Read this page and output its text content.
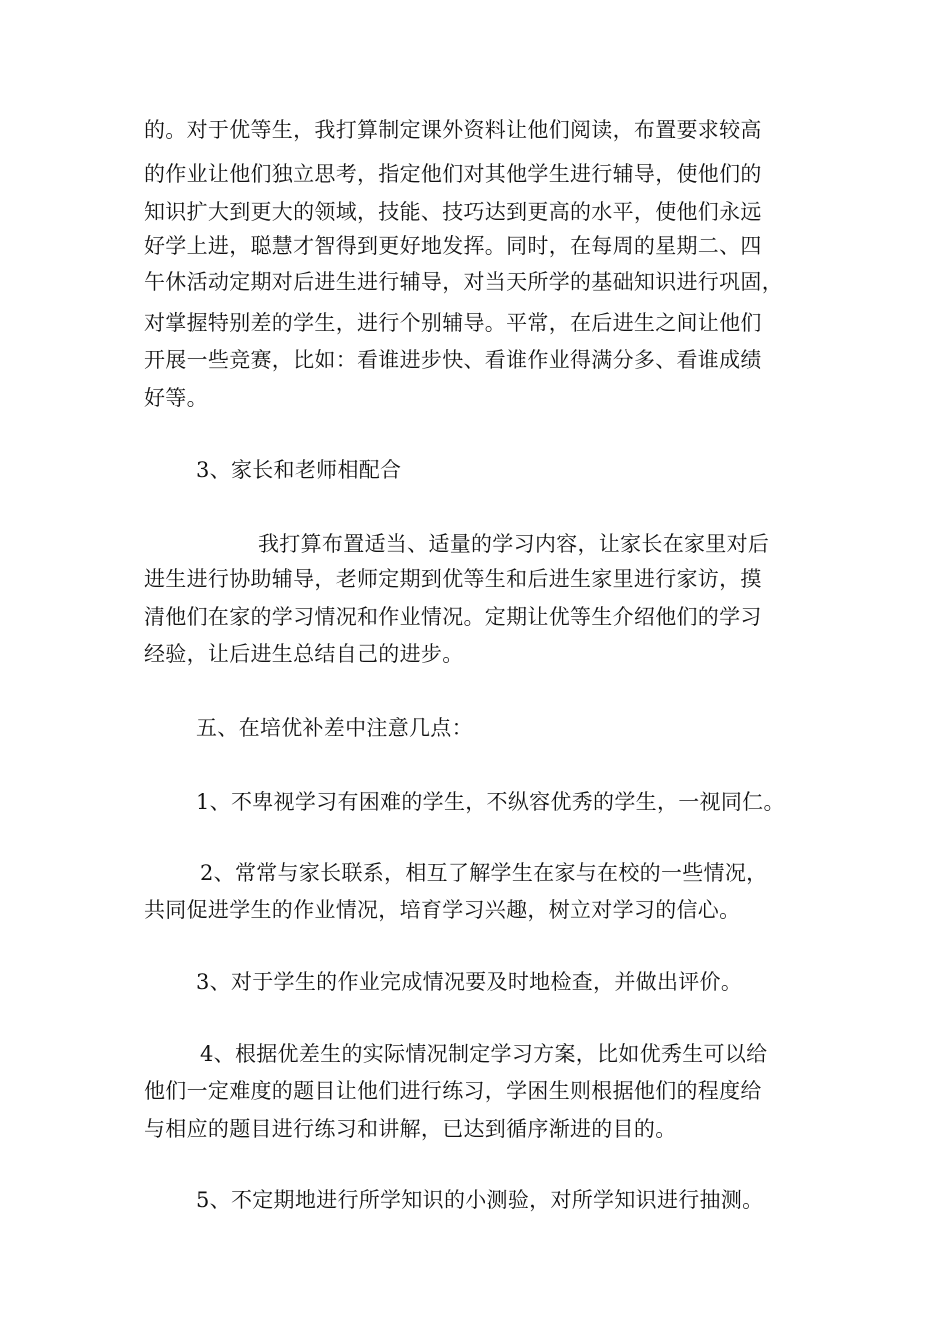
的。对于优等生，我打算制定课外资料让他们阅读，布置要求较高
的作业让他们独立思考，指定他们对其他学生进行辅导，使他们的
知识扩大到更大的领域，技能、技巧达到更高的水平，使他们永远
好学上进，聪慧才智得到更好地发挥。同时，在每周的星期二、四
午休活动定期对后进生进行辅导，对当天所学的基础知识进行巩固，
对掌握特别差的学生，进行个别辅导。平常，在后进生之间让他们
开展一些竞赛，比如：看谁进步快、看谁作业得满分多、看谁成绩
好等。
3、家长和老师相配合
我打算布置适当、适量的学习内容，让家长在家里对后
进生进行协助辅导，老师定期到优等生和后进生家里进行家访，摸
清他们在家的学习情况和作业情况。定期让优等生介绍他们的学习
经验，让后进生总结自己的进步。
五、在培优补差中注意几点：
1、不卑视学习有困难的学生，不纵容优秀的学生，一视同仁。
2、常常与家长联系，相互了解学生在家与在校的一些情况，
共同促进学生的作业情况，培育学习兴趣，树立对学习的信心。
3、对于学生的作业完成情况要及时地检查，并做出评价。
4、根据优差生的实际情况制定学习方案，比如优秀生可以给
他们一定难度的题目让他们进行练习，学困生则根据他们的程度给
与相应的题目进行练习和讲解，已达到循序渐进的目的。
5、不定期地进行所学知识的小测验，对所学知识进行抽测。
